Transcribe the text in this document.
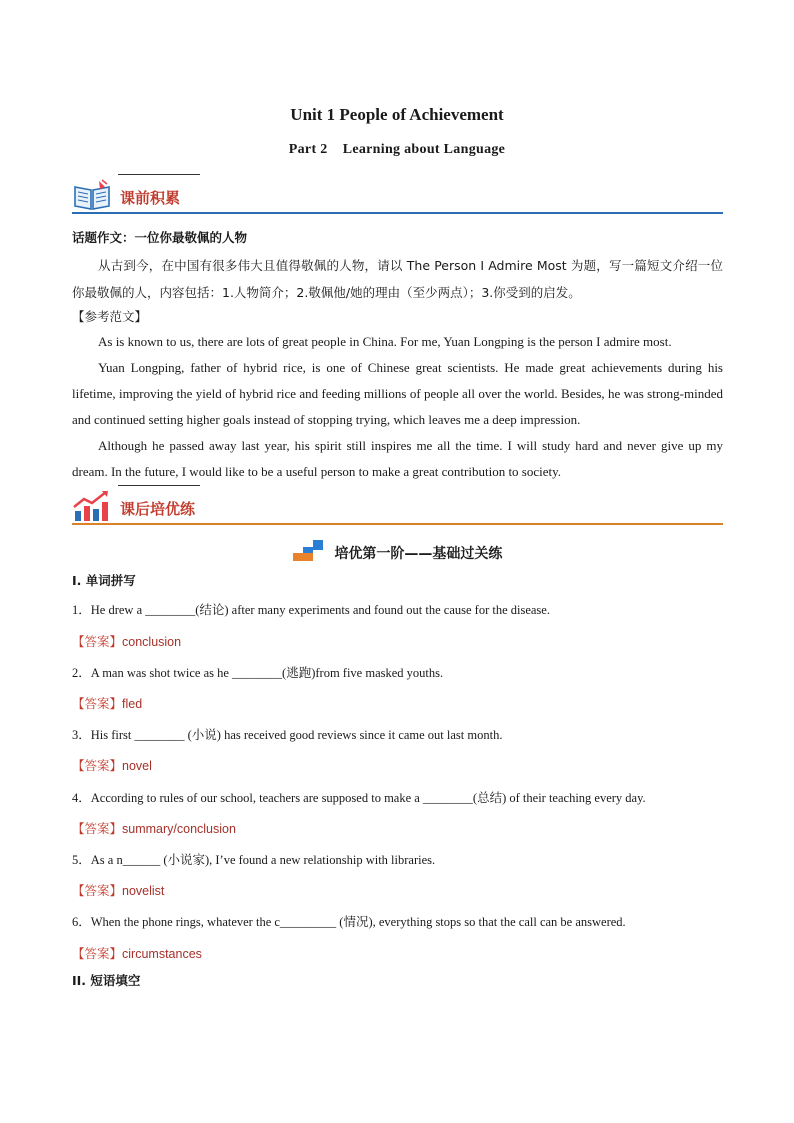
Unit 1 People of Achievement
Part 2    Learning about Language
课前积累
话题作文：一位你最敬佩的人物
从古到今，在中国有很多伟大且值得敬佩的人物，请以 The Person I Admire Most 为题，写一篇短文介绍一位你最敬佩的人，内容包括：1.人物简介；2.敬佩他/她的理由（至少两点）；3.你受到的启发。
【参考范文】
As is known to us, there are lots of great people in China. For me, Yuan Longping is the person I admire most.
Yuan Longping, father of hybrid rice, is one of Chinese great scientists. He made great achievements during his lifetime, improving the yield of hybrid rice and feeding millions of people all over the world. Besides, he was strong-minded and continued setting higher goals instead of stopping trying, which leaves me a deep impression.
Although he passed away last year, his spirit still inspires me all the time. I will study hard and never give up my dream. In the future, I would like to be a useful person to make a great contribution to society.
课后培优练
培优第一阶——基础过关练
I. 单词拼写
1．He drew a ________(结论) after many experiments and found out the cause for the disease.
【答案】conclusion
2．A man was shot twice as he ________(逃跑)from five masked youths.
【答案】fled
3．His first ________ (小说) has received good reviews since it came out last month.
【答案】novel
4．According to rules of our school, teachers are supposed to make a ________(总结) of their teaching every day.
【答案】summary/conclusion
5．As a n______ (小说家), I’ve found a new relationship with libraries.
【答案】novelist
6．When the phone rings, whatever the c_________ (情况), everything stops so that the call can be answered.
【答案】circumstances
II. 短语填空
